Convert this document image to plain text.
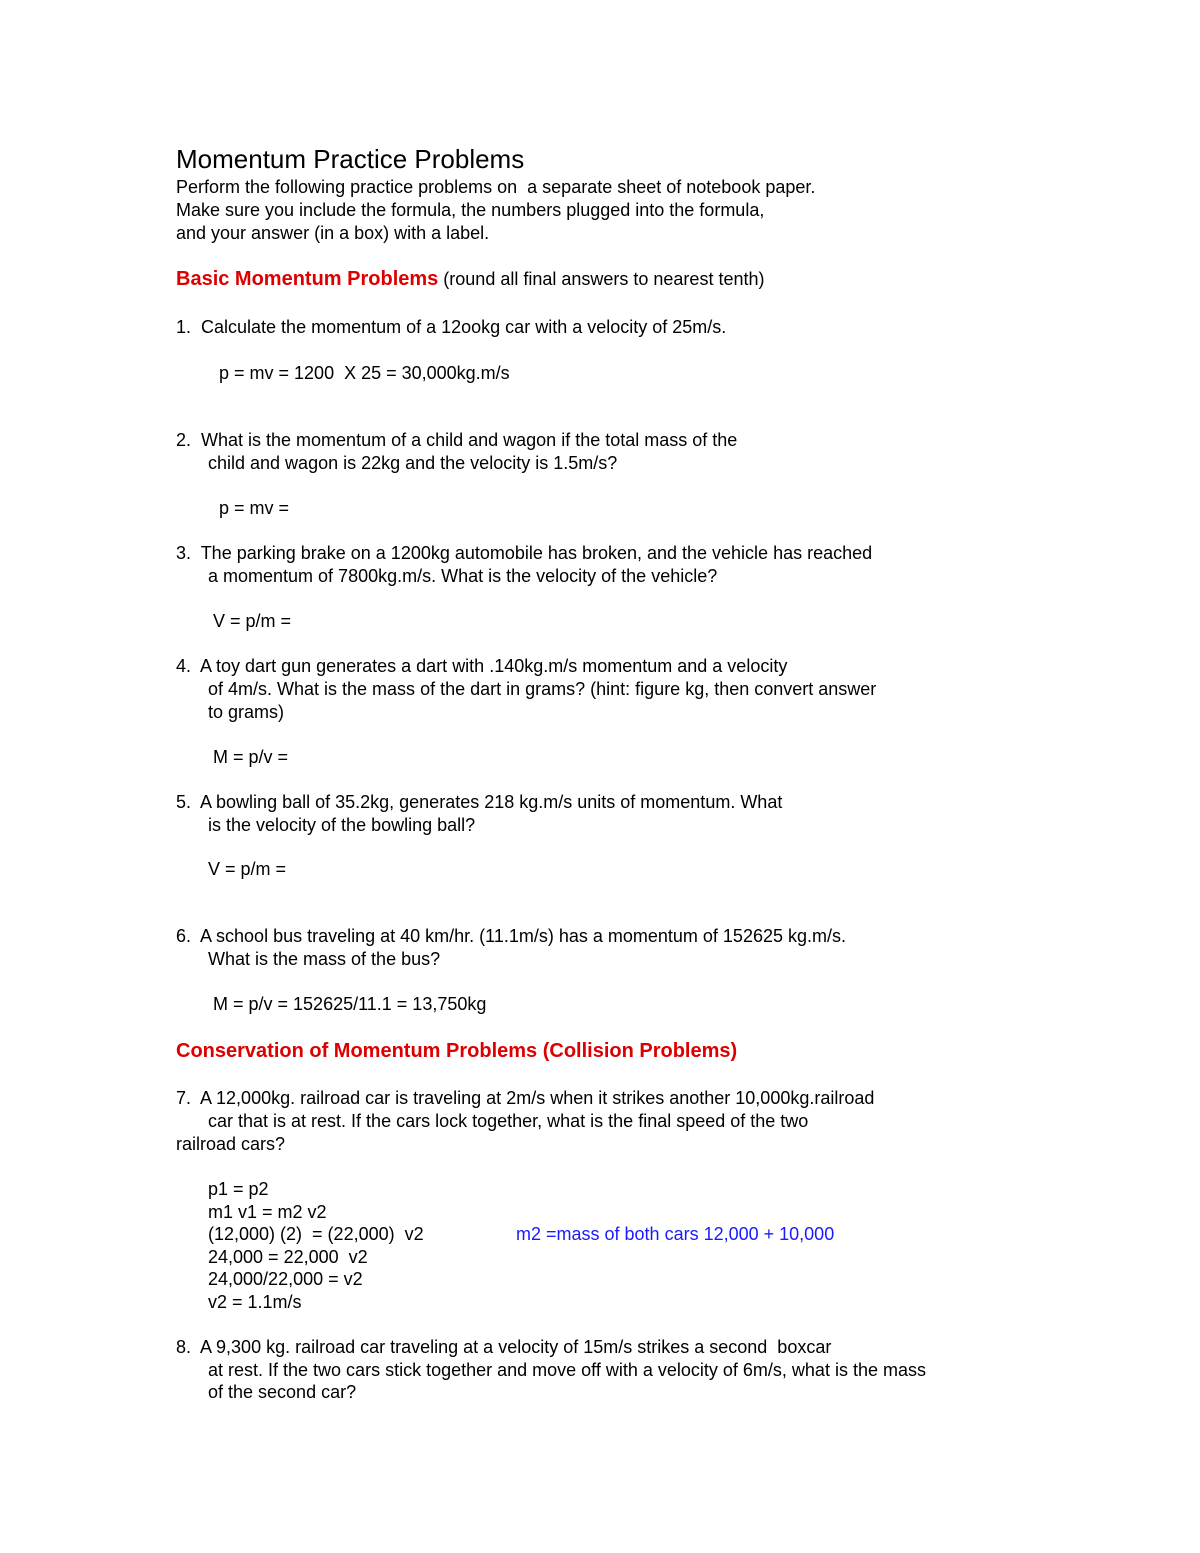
Momentum Practice Problems
Perform the following practice problems on  a separate sheet of notebook paper.
Make sure you include the formula, the numbers plugged into the formula,
and your answer (in a box) with a label.
Basic Momentum Problems (round all final answers to nearest tenth)
1.  Calculate the momentum of a 12ookg car with a velocity of 25m/s.
p = mv = 1200  X 25 = 30,000kg.m/s
2.  What is the momentum of a child and wagon if the total mass of the
child and wagon is 22kg and the velocity is 1.5m/s?
p = mv =
3.  The parking brake on a 1200kg automobile has broken, and the vehicle has reached
a momentum of 7800kg.m/s. What is the velocity of the vehicle?
V = p/m =
4.  A toy dart gun generates a dart with .140kg.m/s momentum and a velocity
of 4m/s. What is the mass of the dart in grams? (hint: figure kg, then convert answer
to grams)
M = p/v =
5.  A bowling ball of 35.2kg, generates 218 kg.m/s units of momentum. What
is the velocity of the bowling ball?
V = p/m =
6.  A school bus traveling at 40 km/hr. (11.1m/s) has a momentum of 152625 kg.m/s.
What is the mass of the bus?
M = p/v = 152625/11.1 = 13,750kg
Conservation of Momentum Problems (Collision Problems)
7.  A 12,000kg. railroad car is traveling at 2m/s when it strikes another 10,000kg.railroad
car that is at rest. If the cars lock together, what is the final speed of the two
railroad cars?
p1 = p2
m1 v1 = m2 v2
(12,000) (2)  = (22,000)  v2	m2 =mass of both cars 12,000 + 10,000
24,000 = 22,000  v2
24,000/22,000 = v2
v2 = 1.1m/s
8.  A 9,300 kg. railroad car traveling at a velocity of 15m/s strikes a second  boxcar
at rest. If the two cars stick together and move off with a velocity of 6m/s, what is the mass
of the second car?
